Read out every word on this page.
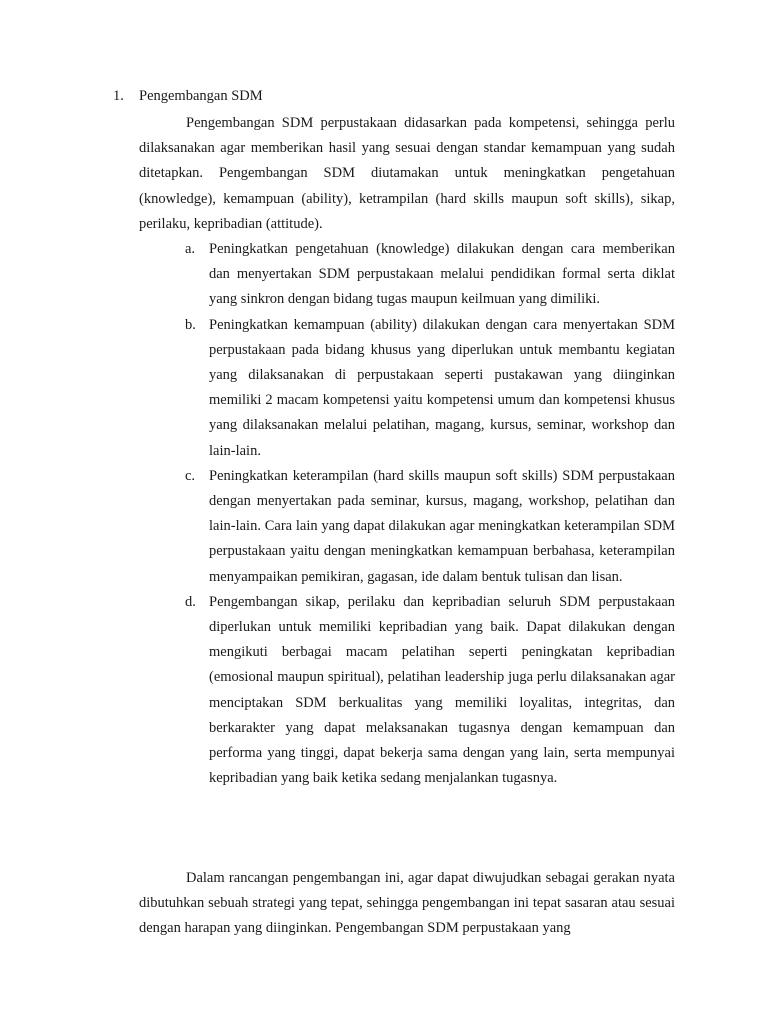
1. Pengembangan SDM

Pengembangan SDM perpustakaan didasarkan pada kompetensi, sehingga perlu dilaksanakan agar memberikan hasil yang sesuai dengan standar kemampuan yang sudah ditetapkan. Pengembangan SDM diutamakan untuk meningkatkan pengetahuan (knowledge), kemampuan (ability), ketrampilan (hard skills maupun soft skills), sikap, perilaku, kepribadian (attitude).

a. Peningkatkan pengetahuan (knowledge) dilakukan dengan cara memberikan dan menyertakan SDM perpustakaan melalui pendidikan formal serta diklat yang sinkron dengan bidang tugas maupun keilmuan yang dimiliki.

b. Peningkatkan kemampuan (ability) dilakukan dengan cara menyertakan SDM perpustakaan pada bidang khusus yang diperlukan untuk membantu kegiatan yang dilaksanakan di perpustakaan seperti pustakawan yang diinginkan memiliki 2 macam kompetensi yaitu kompetensi umum dan kompetensi khusus yang dilaksanakan melalui pelatihan, magang, kursus, seminar, workshop dan lain-lain.

c. Peningkatkan keterampilan (hard skills maupun soft skills) SDM perpustakaan dengan menyertakan pada seminar, kursus, magang, workshop, pelatihan dan lain-lain. Cara lain yang dapat dilakukan agar meningkatkan keterampilan SDM perpustakaan yaitu dengan meningkatkan kemampuan berbahasa, keterampilan menyampaikan pemikiran, gagasan, ide dalam bentuk tulisan dan lisan.

d. Pengembangan sikap, perilaku dan kepribadian seluruh SDM perpustakaan diperlukan untuk memiliki kepribadian yang baik. Dapat dilakukan dengan mengikuti berbagai macam pelatihan seperti peningkatan kepribadian (emosional maupun spiritual), pelatihan leadership juga perlu dilaksanakan agar menciptakan SDM berkualitas yang memiliki loyalitas, integritas, dan berkarakter yang dapat melaksanakan tugasnya dengan kemampuan dan performa yang tinggi, dapat bekerja sama dengan yang lain, serta mempunyai kepribadian yang baik ketika sedang menjalankan tugasnya.

Dalam rancangan pengembangan ini, agar dapat diwujudkan sebagai gerakan nyata dibutuhkan sebuah strategi yang tepat, sehingga pengembangan ini tepat sasaran atau sesuai dengan harapan yang diinginkan. Pengembangan SDM perpustakaan yang
